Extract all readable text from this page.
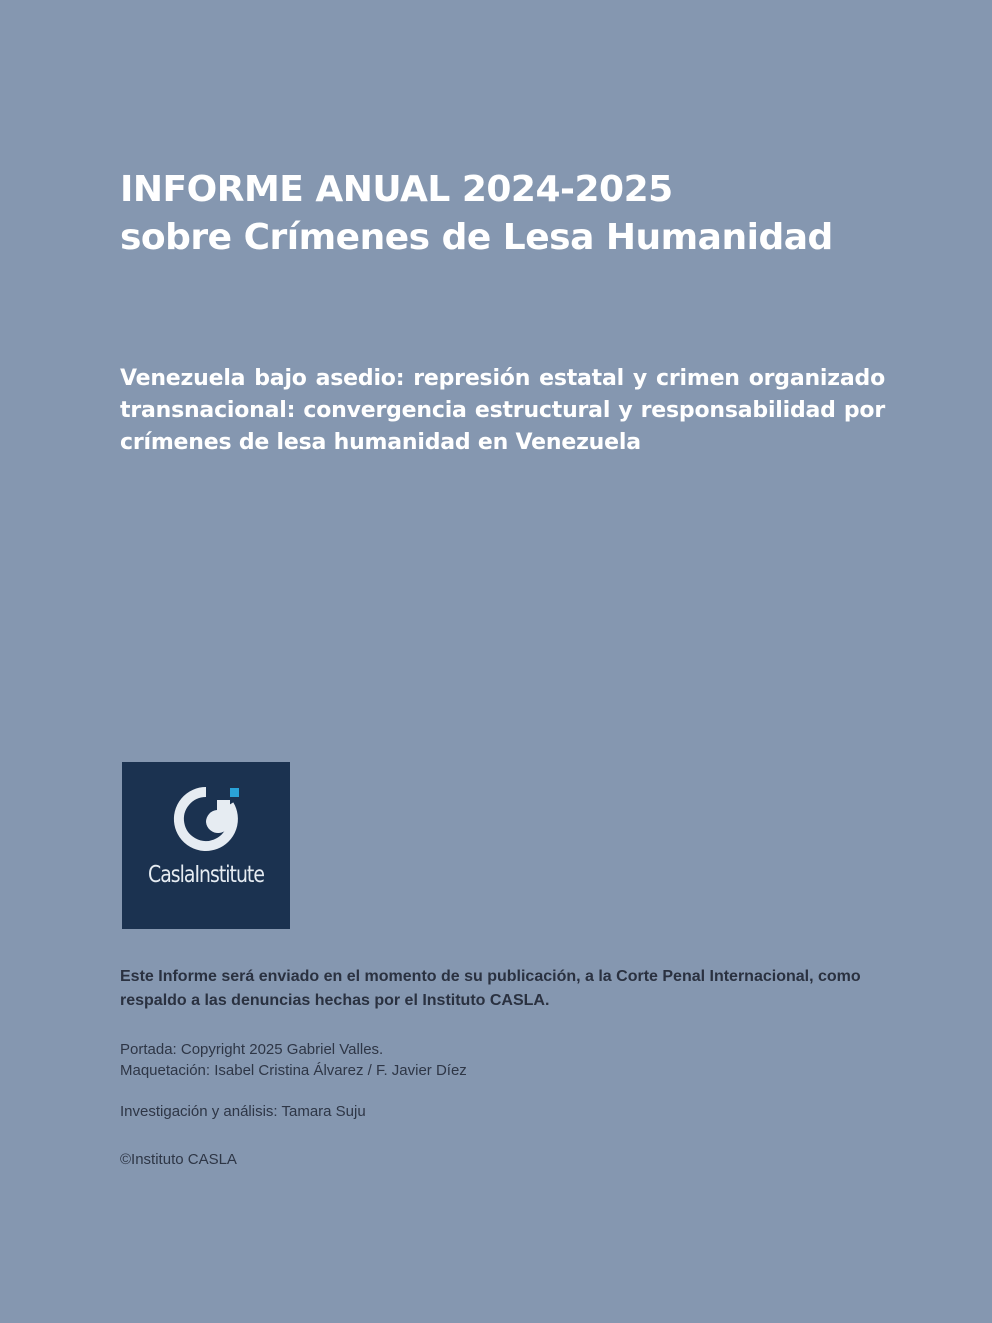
INFORME ANUAL 2024-2025
sobre Crímenes de Lesa Humanidad

Venezuela bajo asedio: represión estatal y crimen organizado transnacional: convergencia estructural y responsabilidad por crímenes de lesa humanidad en Venezuela

CaslaInstitute

Este Informe será enviado en el momento de su publicación, a la Corte Penal Internacional, como respaldo a las denuncias hechas por el Instituto CASLA.

Portada: Copyright 2025 Gabriel Valles.
Maquetación: Isabel Cristina Álvarez / F. Javier Díez

Investigación y análisis: Tamara Suju

©Instituto CASLA
